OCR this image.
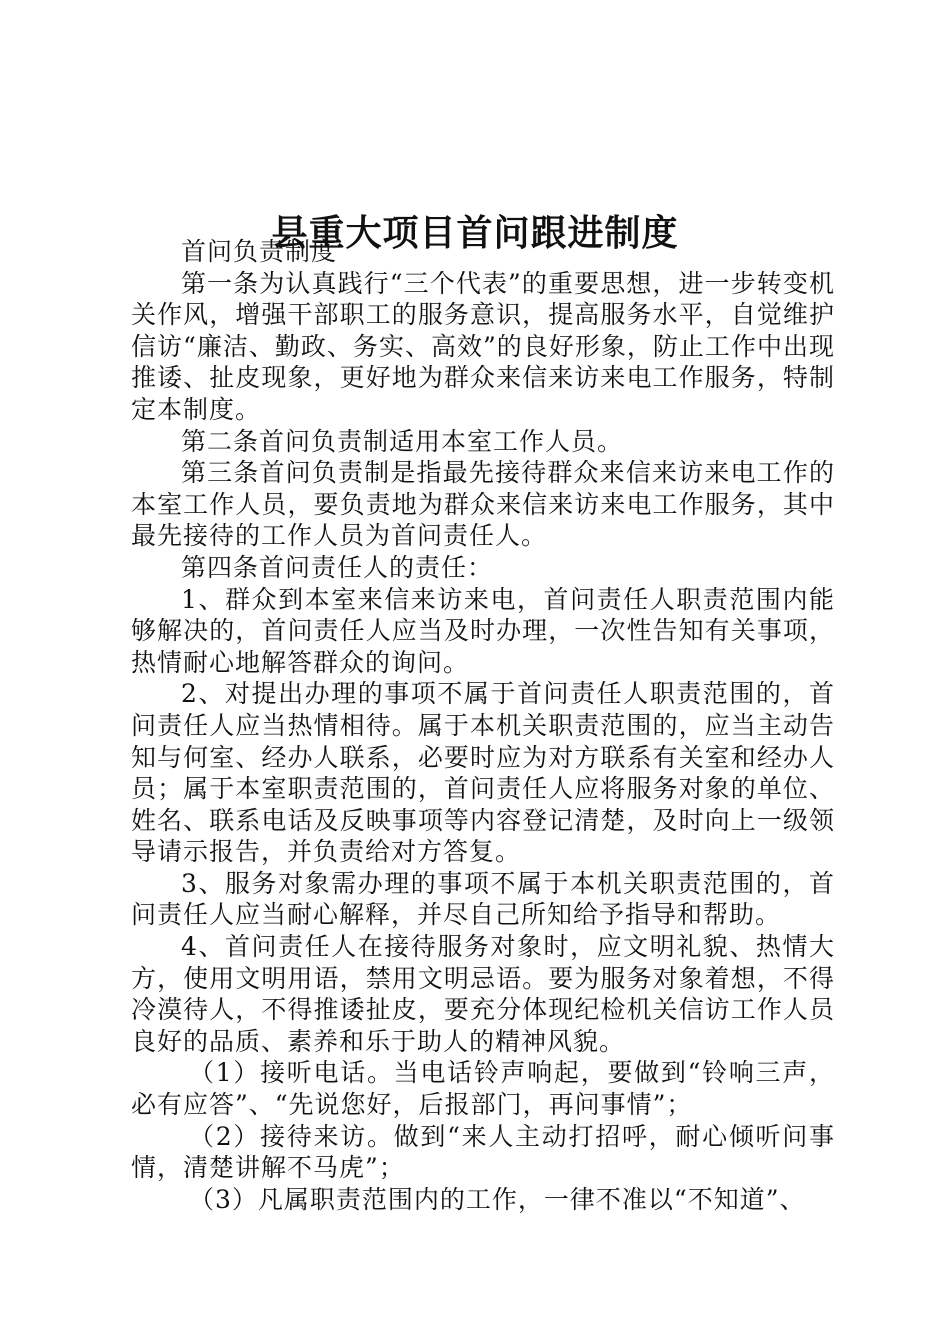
县重大项目首问跟进制度

首问负责制度

第一条为认真践行“三个代表”的重要思想，进一步转变机关作风，增强干部职工的服务意识，提高服务水平，自觉维护信访“廉洁、勤政、务实、高效”的良好形象，防止工作中出现推诿、扯皮现象，更好地为群众来信来访来电工作服务，特制定本制度。

第二条首问负责制适用本室工作人员。

第三条首问负责制是指最先接待群众来信来访来电工作的本室工作人员，要负责地为群众来信来访来电工作服务，其中最先接待的工作人员为首问责任人。

第四条首问责任人的责任：

1、群众到本室来信来访来电，首问责任人职责范围内能够解决的，首问责任人应当及时办理，一次性告知有关事项，热情耐心地解答群众的询问。

2、对提出办理的事项不属于首问责任人职责范围的，首问责任人应当热情相待。属于本机关职责范围的，应当主动告知与何室、经办人联系，必要时应为对方联系有关室和经办人员；属于本室职责范围的，首问责任人应将服务对象的单位、姓名、联系电话及反映事项等内容登记清楚，及时向上一级领导请示报告，并负责给对方答复。

3、服务对象需办理的事项不属于本机关职责范围的，首问责任人应当耐心解释，并尽自己所知给予指导和帮助。

4、首问责任人在接待服务对象时，应文明礼貌、热情大方，使用文明用语，禁用文明忌语。要为服务对象着想，不得冷漠待人，不得推诿扯皮，要充分体现纪检机关信访工作人员良好的品质、素养和乐于助人的精神风貌。

（1）接听电话。当电话铃声响起，要做到“铃响三声，必有应答”、“先说您好，后报部门，再问事情”；

（2）接待来访。做到“来人主动打招呼，耐心倾听问事情，清楚讲解不马虎”；

（3）凡属职责范围内的工作，一律不准以“不知道”、
